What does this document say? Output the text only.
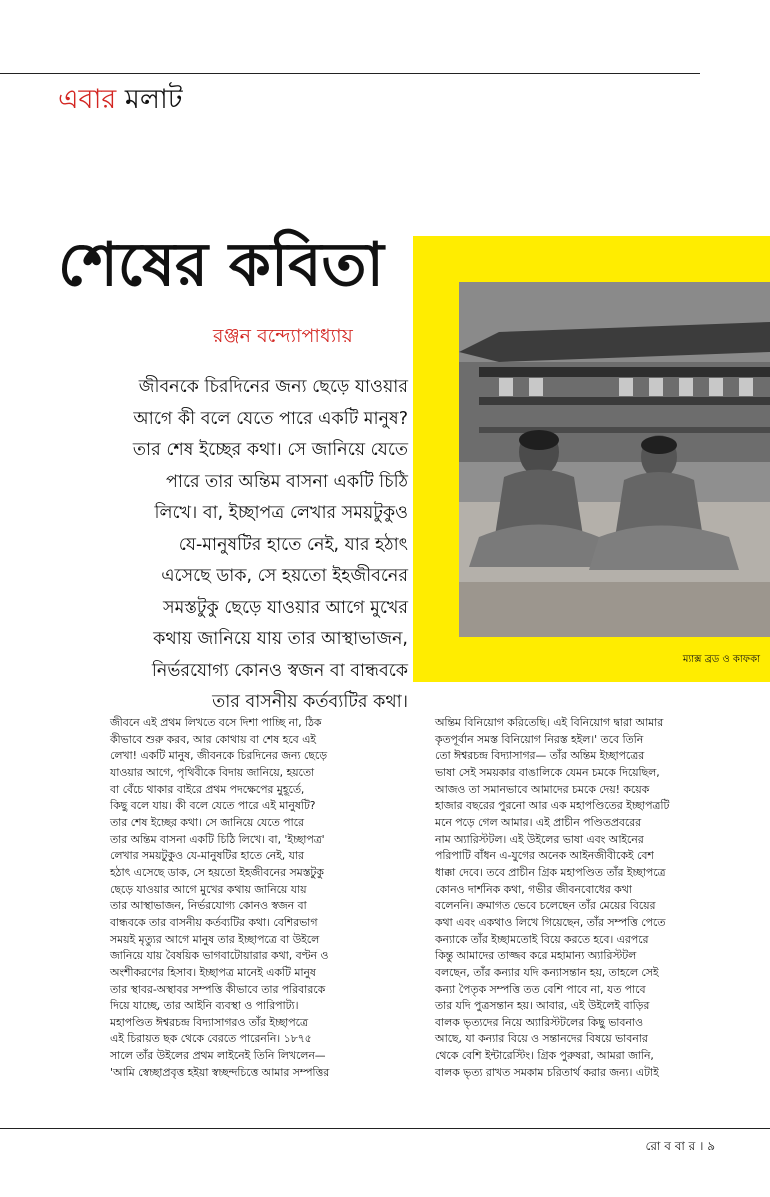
এবার মলাট
ম্যাক্স ব্রড ও কাফকা
শেষের কবিতা
রঞ্জন বন্দ্যোপাধ্যায়
জীবনকে চিরদিনের জন্য ছেড়ে যাওয়ার
আগে কী বলে যেতে পারে একটি মানুষ?
তার শেষ ইচ্ছের কথা। সে জানিয়ে যেতে
পারে তার অন্তিম বাসনা একটি চিঠি
লিখে। বা, ইচ্ছাপত্র লেখার সময়টুকুও
যে-মানুষটির হাতে নেই, যার হঠাৎ
এসেছে ডাক, সে হয়তো ইহজীবনের
সমস্তটুকু ছেড়ে যাওয়ার আগে মুখের
কথায় জানিয়ে যায় তার আস্থাভাজন,
নির্ভরযোগ্য কোনও স্বজন বা বান্ধবকে
তার বাসনীয় কর্তব্যটির কথা।
জীবনে এই প্রথম লিখতে বসে দিশা পাচ্ছি না, ঠিক
কীভাবে শুরু করব, আর কোথায় বা শেষ হবে এই
লেখা! একটি মানুষ, জীবনকে চিরদিনের জন্য ছেড়ে
যাওয়ার আগে, পৃথিবীকে বিদায় জানিয়ে, হয়তো
বা বেঁচে থাকার বাইরে প্রথম পদক্ষেপের মুহূর্তে,
কিছু বলে যায়। কী বলে যেতে পারে এই মানুষটি?
তার শেষ ইচ্ছের কথা। সে জানিয়ে যেতে পারে
তার অন্তিম বাসনা একটি চিঠি লিখে। বা, 'ইচ্ছাপত্র'
লেখার সময়টুকুও যে-মানুষটির হাতে নেই, যার
হঠাৎ এসেছে ডাক, সে হয়তো ইহজীবনের সমস্তটুকু
ছেড়ে যাওয়ার আগে মুখের কথায় জানিয়ে যায়
তার আস্থাভাজন, নির্ভরযোগ্য কোনও স্বজন বা
বান্ধবকে তার বাসনীয় কর্তব্যটির কথা। বেশিরভাগ
সময়ই মৃত্যুর আগে মানুষ তার ইচ্ছাপত্রে বা উইলে
জানিয়ে যায় বৈষয়িক ভাগবাটোয়ারার কথা, বণ্টন ও
অংশীকরণের হিসাব। ইচ্ছাপত্র মানেই একটি মানুষ
তার স্থাবর-অস্থাবর সম্পত্তি কীভাবে তার পরিবারকে
দিয়ে যাচ্ছে, তার আইনি ব্যবস্থা ও পারিপাট্য।
মহাপণ্ডিত ঈশ্বরচন্দ্র বিদ্যাসাগরও তাঁর ইচ্ছাপত্রে
এই চিরায়ত ছক থেকে বেরতে পারেননি। ১৮৭৫
সালে তাঁর উইলের প্রথম লাইনেই তিনি লিখলেন—
'আমি স্বেচ্ছাপ্রবৃত্ত হইয়া স্বচ্ছন্দচিত্তে আমার সম্পত্তির
অন্তিম বিনিয়োগ করিতেছি। এই বিনিয়োগ দ্বারা আমার
কৃতপূর্বান সমস্ত বিনিয়োগ নিরস্ত হইল।' তবে তিনি
তো ঈশ্বরচন্দ্র বিদ্যাসাগর— তাঁর অন্তিম ইচ্ছাপত্রের
ভাষা সেই সময়কার বাঙালিকে যেমন চমকে দিয়েছিল,
আজও তা সমানভাবে আমাদের চমকে দেয়! কয়েক
হাজার বছরের পুরনো আর এক মহাপণ্ডিতের ইচ্ছাপত্রটি
মনে পড়ে গেল আমার। এই প্রাচীন পণ্ডিতপ্রবরের
নাম অ্যারিস্টটল। এই উইলের ভাষা এবং আইনের
পরিপাটি বাঁধন এ-যুগের অনেক আইনজীবীকেই বেশ
ধাক্কা দেবে। তবে প্রাচীন গ্রিক মহাপণ্ডিত তাঁর ইচ্ছাপত্রে
কোনও দার্শনিক কথা, গভীর জীবনবোধের কথা
বলেননি। ক্রমাগত ভেবে চলেছেন তাঁর মেয়ের বিয়ের
কথা এবং একথাও লিখে গিয়েছেন, তাঁর সম্পত্তি পেতে
কন্যাকে তাঁর ইচ্ছামতোই বিয়ে করতে হবে। এরপরে
কিন্তু আমাদের তাজ্জব করে মহামান্য অ্যারিস্টটল
বলছেন, তাঁর কন্যার যদি কন্যাসন্তান হয়, তাহলে সেই
কন্যা পৈতৃক সম্পত্তি তত বেশি পাবে না, যত পাবে
তার যদি পুত্রসন্তান হয়। আবার, এই উইলেই বাড়ির
বালক ভৃত্যদের নিয়ে অ্যারিস্টটলের কিছু ভাবনাও
আছে, যা কন্যার বিয়ে ও সন্তানদের বিষয়ে ভাবনার
থেকে বেশি ইন্টারেস্টিং। গ্রিক পুরুষরা, আমরা জানি,
বালক ভৃত্য রাখত সমকাম চরিতার্থ করার জন্য। এটাই
রো ব বা র । ৯
